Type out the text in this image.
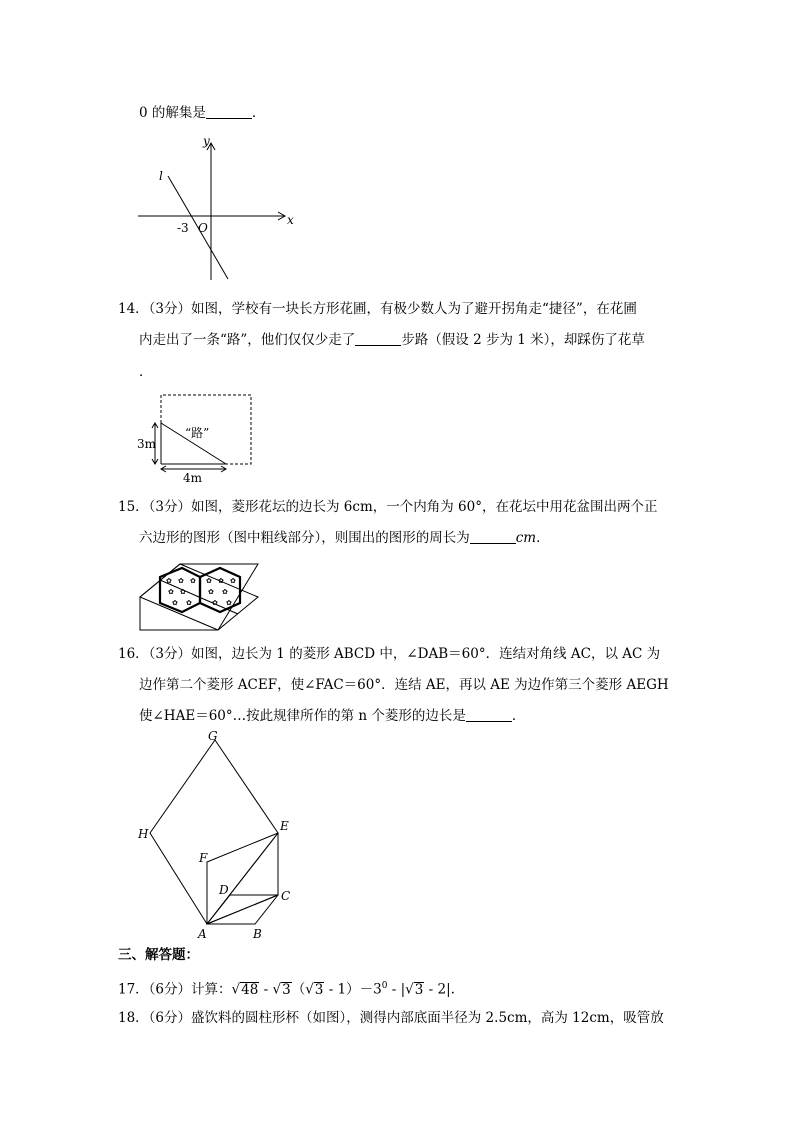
0 的解集是	．
y
x
l
-3 O
14．（3分）如图，学校有一块长方形花圃，有极少数人为了避开拐角走“捷径”，在花圃
内走出了一条“路”，他们仅仅少走了	步路（假设 2 步为 1 米），却踩伤了花草
．
“路”
3m
4m
15．（3分）如图，菱形花坛的边长为 6cm，一个内角为 60°，在花坛中用花盆围出两个正
六边形的图形（图中粗线部分），则围出的图形的周长为	cm．
✿ ✿ ✿
✿ ✿
✿ ✿
✿ ✿ ✿
✿ ✿
✿ ✿
16．（3分）如图，边长为 1 的菱形 ABCD 中，∠DAB＝60°．连结对角线 AC，以 AC 为
边作第二个菱形 ACEF，使∠FAC＝60°．连结 AE，再以 AE 为边作第三个菱形 AEGH
使∠HAE＝60°…按此规律所作的第 n 个菱形的边长是	．
G
H
E
F
D	C
A	B
三、解答题：
17．（6分）计算：$√48 - √3(√3 - 1)-3^0 - |√3 - 2|$.
18．（6分）盛饮料的圆柱形杯（如图），测得内部底面半径为 2.5cm，高为 12cm，吸管放
